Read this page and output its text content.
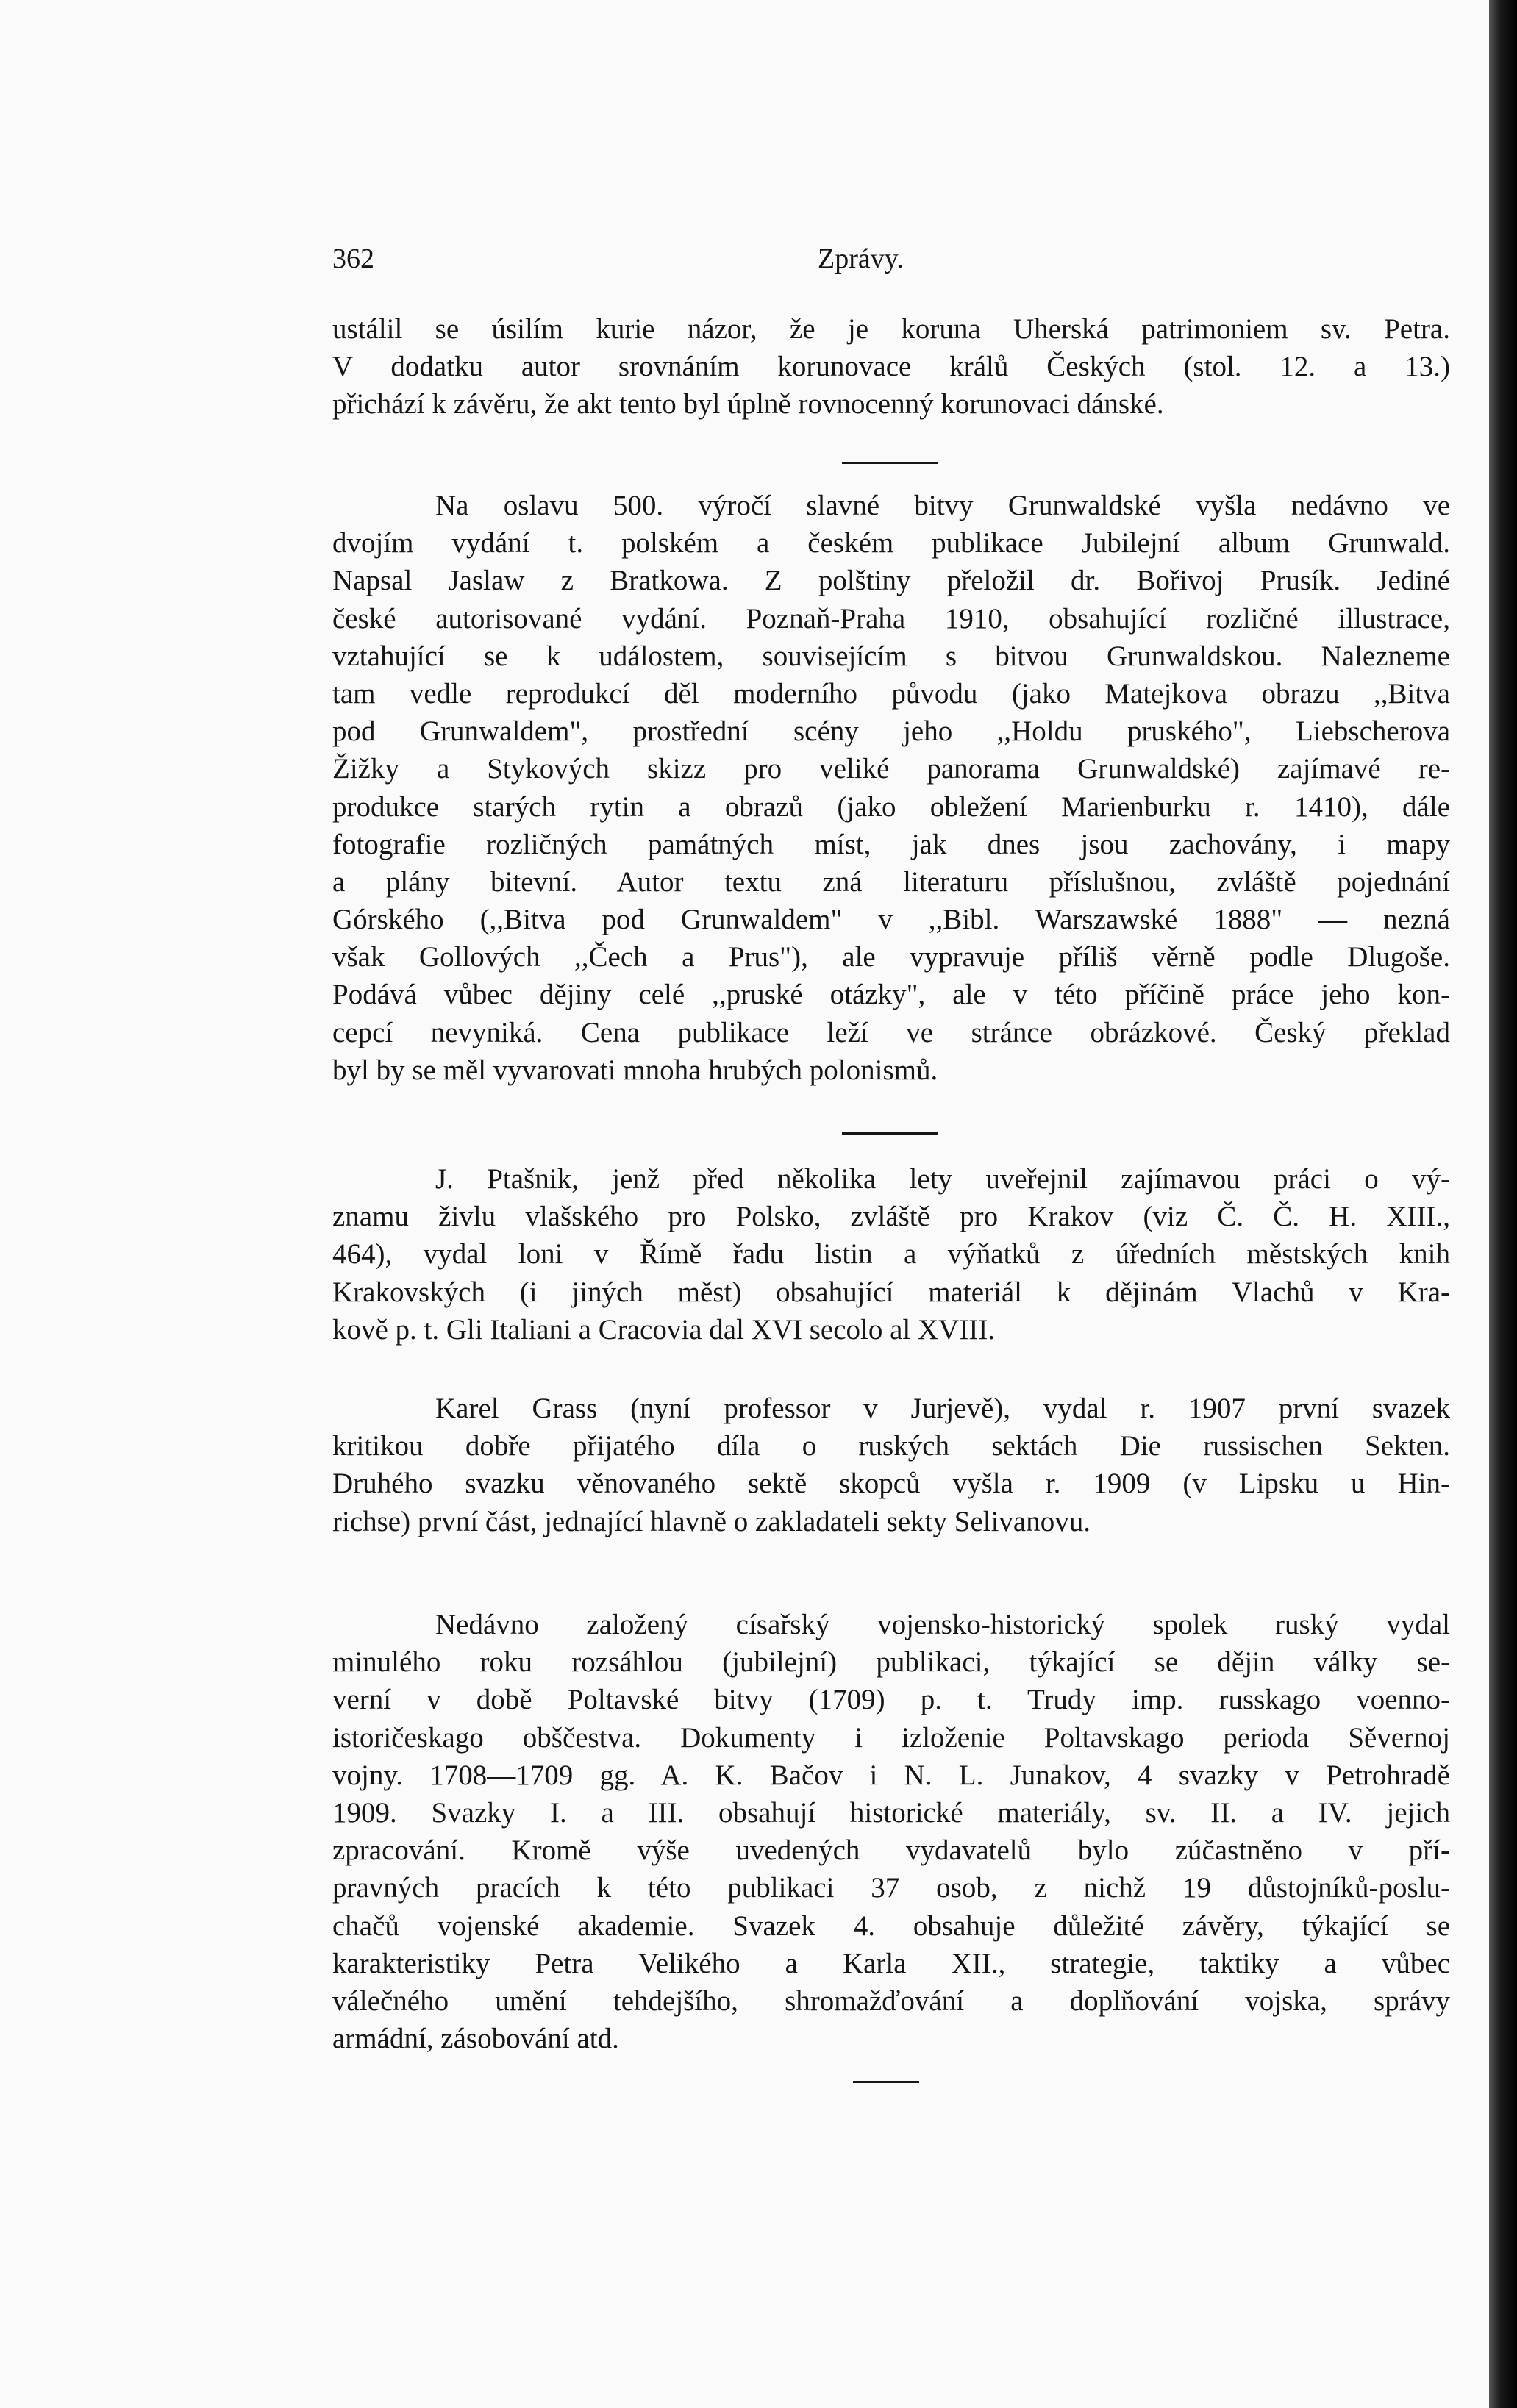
362	Zprávy.
ustálil se úsilím kurie názor, že je koruna Uherská patrimoniem sv. Petra.
V dodatku autor srovnáním korunovace králů Českých (stol. 12. a 13.)
přichází k závěru, že akt tento byl úplně rovnocenný korunovaci dánské.
Na oslavu 500. výročí slavné bitvy Grunwaldské vyšla nedávno ve
dvojím vydání t. polském a českém publikace Jubilejní album Grunwald.
Napsal Jaslaw z Bratkowa. Z polštiny přeložil dr. Bořivoj Prusík. Jediné
české autorisované vydání. Poznaň-Praha 1910, obsahující rozličné illustrace,
vztahující se k událostem, souvisejícím s bitvou Grunwaldskou. Nalezneme
tam vedle reprodukcí děl moderního původu (jako Matejkova obrazu ,,Bitva
pod Grunwaldem", prostřední scény jeho ,,Holdu pruského", Liebscherova
Žižky a Stykových skizz pro veliké panorama Grunwaldské) zajímavé re-
produkce starých rytin a obrazů (jako obležení Marienburku r. 1410), dále
fotografie rozličných památných míst, jak dnes jsou zachovány, i mapy
a plány bitevní. Autor textu zná literaturu příslušnou, zvláště pojednání
Górského (,,Bitva pod Grunwaldem" v ,,Bibl. Warszawské 1888" — nezná
však Gollových ,,Čech a Prus"), ale vypravuje příliš věrně podle Dlugoše.
Podává vůbec dějiny celé ,,pruské otázky", ale v této příčině práce jeho kon-
cepcí nevyniká. Cena publikace leží ve stránce obrázkové. Český překlad
byl by se měl vyvarovati mnoha hrubých polonismů.
J. Ptašnik, jenž před několika lety uveřejnil zajímavou práci o vý-
znamu živlu vlašského pro Polsko, zvláště pro Krakov (viz Č. Č. H. XIII.,
464), vydal loni v Římě řadu listin a výňatků z úředních městských knih
Krakovských (i jiných měst) obsahující materiál k dějinám Vlachů v Kra-
kově p. t. Gli Italiani a Cracovia dal XVI secolo al XVIII.
Karel Grass (nyní professor v Jurjevě), vydal r. 1907 první svazek
kritikou dobře přijatého díla o ruských sektách Die russischen Sekten.
Druhého svazku věnovaného sektě skopců vyšla r. 1909 (v Lipsku u Hin-
richse) první část, jednající hlavně o zakladateli sekty Selivanovu.
Nedávno založený císařský vojensko-historický spolek ruský vydal
minulého roku rozsáhlou (jubilejní) publikaci, týkající se dějin války se-
verní v době Poltavské bitvy (1709) p. t. Trudy imp. russkago voenno-
istoričeskago obščestva. Dokumenty i izloženie Poltavskago perioda Sěvernoj
vojny. 1708—1709 gg. A. K. Bačov i N. L. Junakov, 4 svazky v Petrohradě
1909. Svazky I. a III. obsahují historické materiály, sv. II. a IV. jejich
zpracování. Kromě výše uvedených vydavatelů bylo zúčastněno v pří-
pravných pracích k této publikaci 37 osob, z nichž 19 důstojníků-poslu-
chačů vojenské akademie. Svazek 4. obsahuje důležité závěry, týkající se
karakteristiky Petra Velikého a Karla XII., strategie, taktiky a vůbec
válečného umění tehdejšího, shromažďování a doplňování vojska, správy
armádní, zásobování atd.
